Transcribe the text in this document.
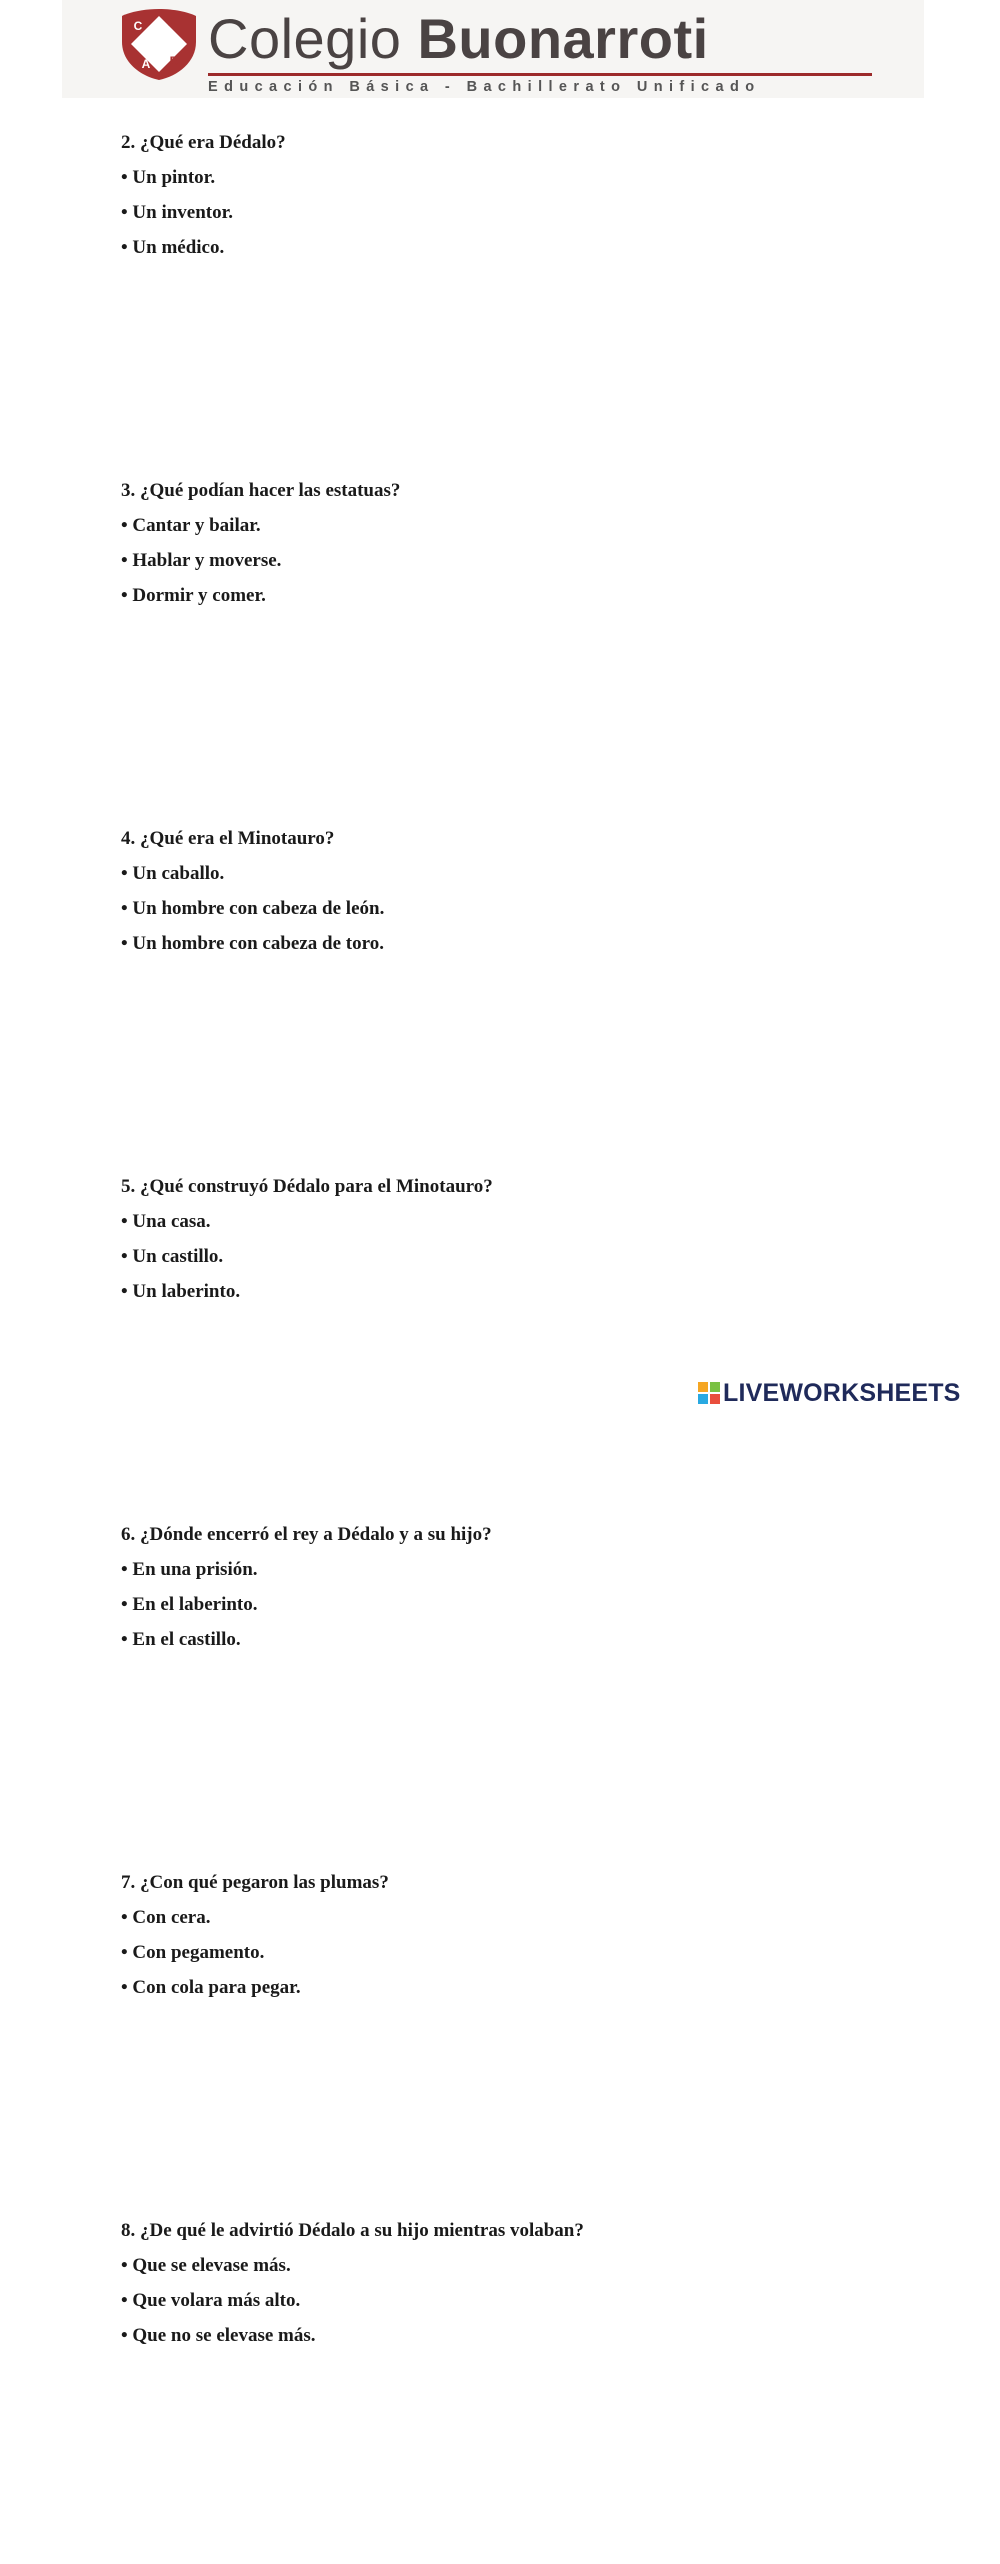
C M
A B Colegio Buonarroti
Educación Básica - Bachillerato Unificado
2. ¿Qué era Dédalo?
• Un pintor.
• Un inventor.
• Un médico.
3. ¿Qué podían hacer las estatuas?
• Cantar y bailar.
• Hablar y moverse.
• Dormir y comer.
4. ¿Qué era el Minotauro?
• Un caballo.
• Un hombre con cabeza de león.
• Un hombre con cabeza de toro.
5. ¿Qué construyó Dédalo para el Minotauro?
• Una casa.
• Un castillo.
• Un laberinto.
6. ¿Dónde encerró el rey a Dédalo y a su hijo?
• En una prisión.
• En el laberinto.
• En el castillo.
7. ¿Con qué pegaron las plumas?
• Con cera.
• Con pegamento.
• Con cola para pegar.
8. ¿De qué le advirtió Dédalo a su hijo mientras volaban?
• Que se elevase más.
• Que volara más alto.
• Que no se elevase más.
LIVEWORKSHEETS
